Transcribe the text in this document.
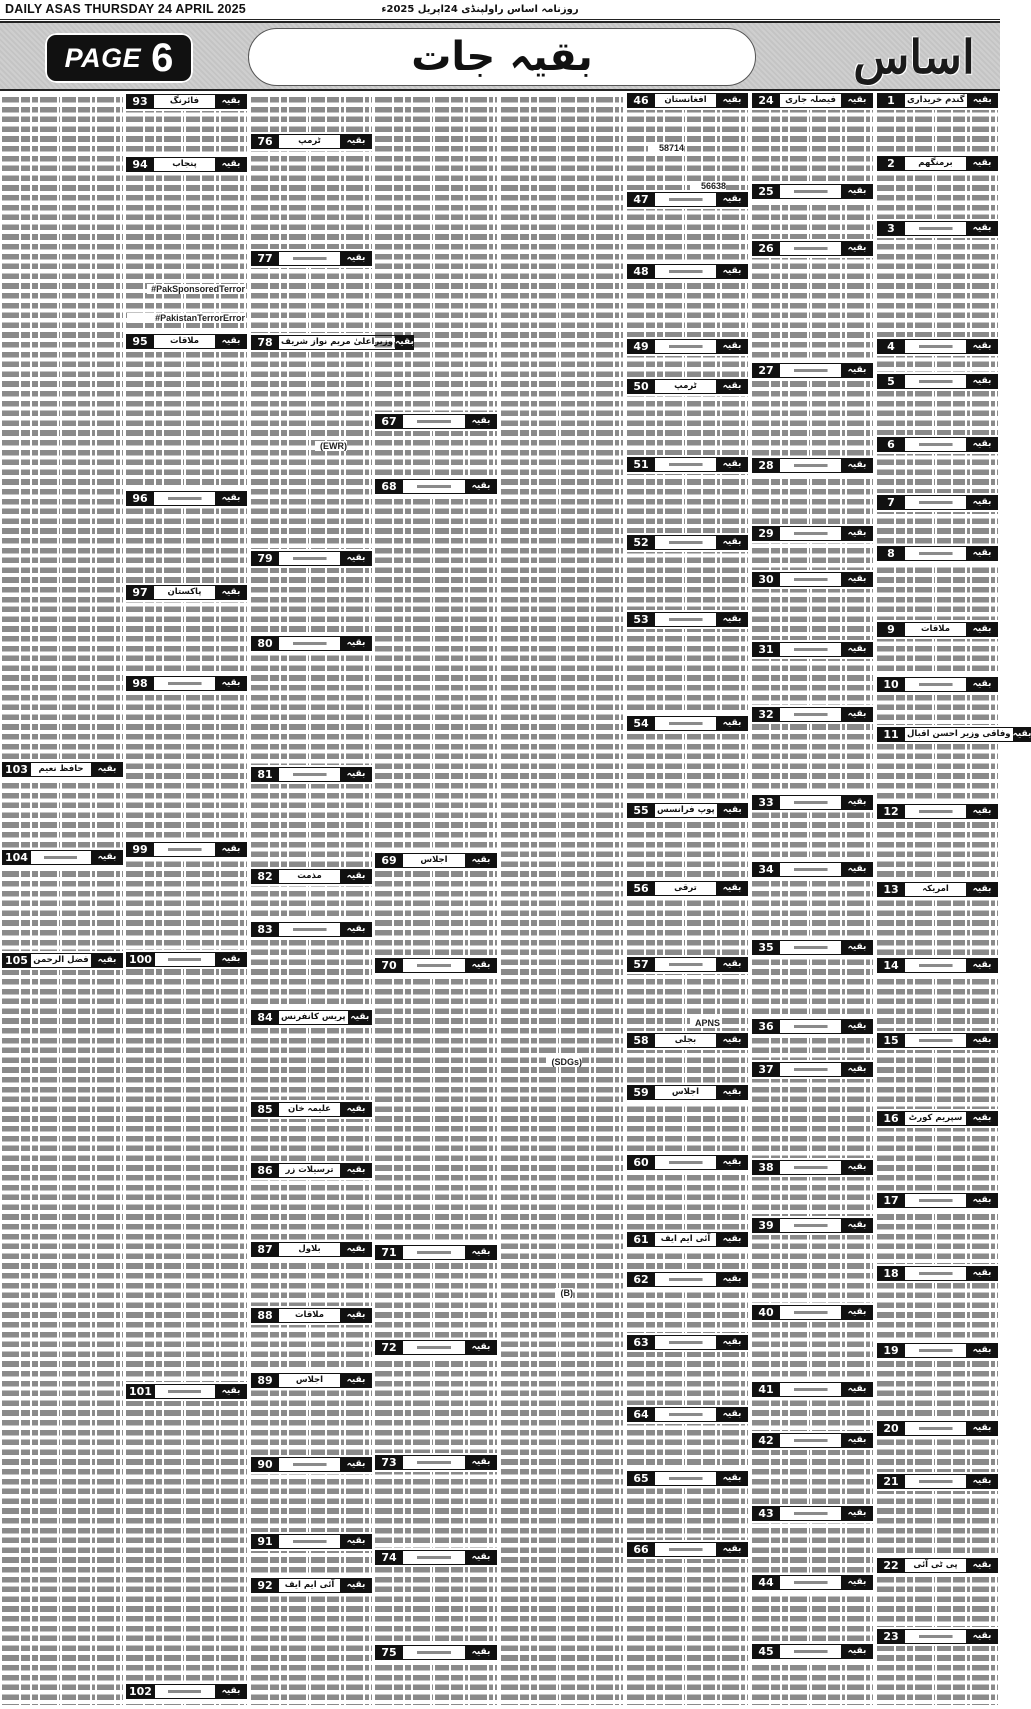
DAILY ASAS THURSDAY 24 APRIL 2025	روزنامہ اساس راولپنڈی 24اپریل 2025ء
PAGE 6	بقیہ جات	اساس
1	گندم خریداری بقیہ
2	برمنگھم	بقیہ
3	بقیہ
4	بقیہ
5	بقیہ
6	بقیہ
7	بقیہ
8	بقیہ
9	ملاقات	بقیہ
10	بقیہ
11 وفاقی وزیر احسن اقبال بقیہ
12	بقیہ
13	امریکہ	بقیہ
14	بقیہ
15	بقیہ
16	سپریم کورٹ	بقیہ
17	بقیہ
18	بقیہ
19	بقیہ
20	بقیہ
21	بقیہ
22	پی ٹی آئی	بقیہ
23	بقیہ
24	فیصلہ جاری	بقیہ
25	بقیہ
26	بقیہ
27	بقیہ
28	بقیہ
29	بقیہ
30	بقیہ
31	بقیہ
32	بقیہ
33	بقیہ
34	بقیہ
35	بقیہ
36	بقیہ
37	بقیہ
38	بقیہ
39	بقیہ
40	بقیہ
41	بقیہ
42	بقیہ
43	بقیہ
44	بقیہ
45	بقیہ
46	افغانستان	بقیہ
47	بقیہ
48	بقیہ
49	بقیہ
50	ٹرمپ	بقیہ
51	بقیہ
52	بقیہ
53	بقیہ
54	بقیہ
55 پوپ فرانسس بقیہ
56	ترقی	بقیہ
57	بقیہ
58	بجلی	بقیہ
59	اجلاس	بقیہ
60	بقیہ
61	آئی ایم ایف	بقیہ
62	بقیہ
63	بقیہ
64	بقیہ
65	بقیہ
66	بقیہ
67	بقیہ
68	بقیہ
69	اجلاس	بقیہ
70	بقیہ
71	بقیہ
72	بقیہ
73	بقیہ
74	بقیہ
75	بقیہ
76	ٹرمپ	بقیہ
77	بقیہ
78 وزیراعلیٰ مریم نواز شریف بقیہ
79	بقیہ
80	بقیہ
81	بقیہ
82	مذمت	بقیہ
83	بقیہ
84 پریس کانفرنس بقیہ
85	علیمہ خان	بقیہ
86	ترسیلات زر	بقیہ
87	بلاول	بقیہ
88	ملاقات	بقیہ
89	اجلاس	بقیہ
90	بقیہ
91	بقیہ
92	آئی ایم ایف	بقیہ
93	فائرنگ	بقیہ
94	پنجاب	بقیہ
95	ملاقات	بقیہ
96	بقیہ
97	پاکستان	بقیہ
98	بقیہ
99	بقیہ
100	بقیہ
101	بقیہ
102	بقیہ
103	حافظ نعیم	بقیہ
104	بقیہ
105 فضل الرحمن بقیہ
58714
56638
#PakSponsoredTerror
#PakistanTerrorError
(EWR)
APNS
(SDGs)
(B)
